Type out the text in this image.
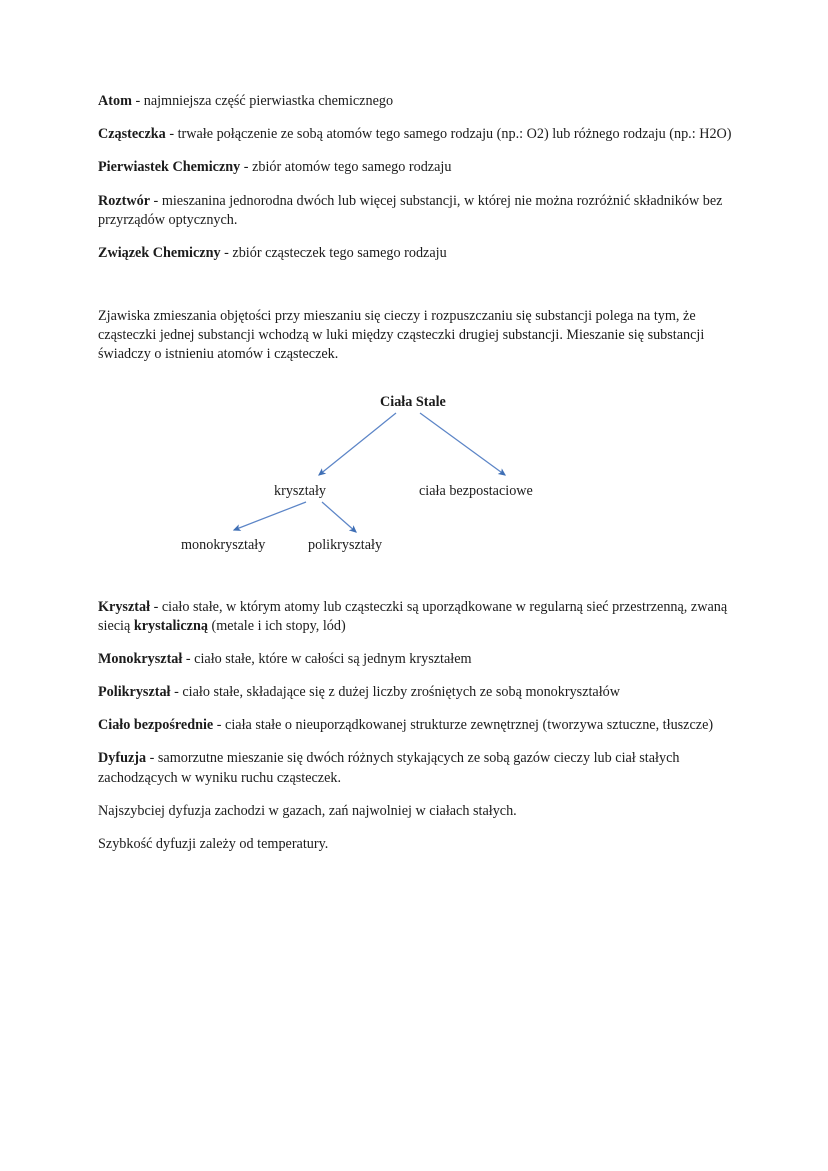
Atom - najmniejsza część pierwiastka chemicznego

Cząsteczka - trwałe połączenie ze sobą atomów tego samego rodzaju (np.: O2) lub różnego rodzaju (np.: H2O)

Pierwiastek Chemiczny - zbiór atomów tego samego rodzaju

Roztwór - mieszanina jednorodna dwóch lub więcej substancji, w której nie można rozróżnić składników bez przyrządów optycznych.

Związek Chemiczny - zbiór cząsteczek tego samego rodzaju

Zjawiska zmieszania objętości przy mieszaniu się cieczy i rozpuszczaniu się substancji polega na tym, że cząsteczki jednej substancji wchodzą w luki między cząsteczki drugiej substancji. Mieszanie się substancji świadczy o istnieniu atomów i cząsteczek.

Ciała Stale
kryształy	ciała bezpostaciowe
monokryształy	polikryształy

Kryształ - ciało stałe, w którym atomy lub cząsteczki są uporządkowane w regularną sieć przestrzenną, zwaną siecią krystaliczną (metale i ich stopy, lód)

Monokryształ - ciało stałe, które w całości są jednym kryształem

Polikryształ - ciało stałe, składające się z dużej liczby zrośniętych ze sobą monokryształów

Ciało bezpośrednie - ciała stałe o nieuporządkowanej strukturze zewnętrznej (tworzywa sztuczne, tłuszcze)

Dyfuzja - samorzutne mieszanie się dwóch różnych stykających ze sobą gazów cieczy lub ciał stałych zachodzących w wyniku ruchu cząsteczek.

Najszybciej dyfuzja zachodzi w gazach, zań najwolniej w ciałach stałych.

Szybkość dyfuzji zależy od temperatury.
